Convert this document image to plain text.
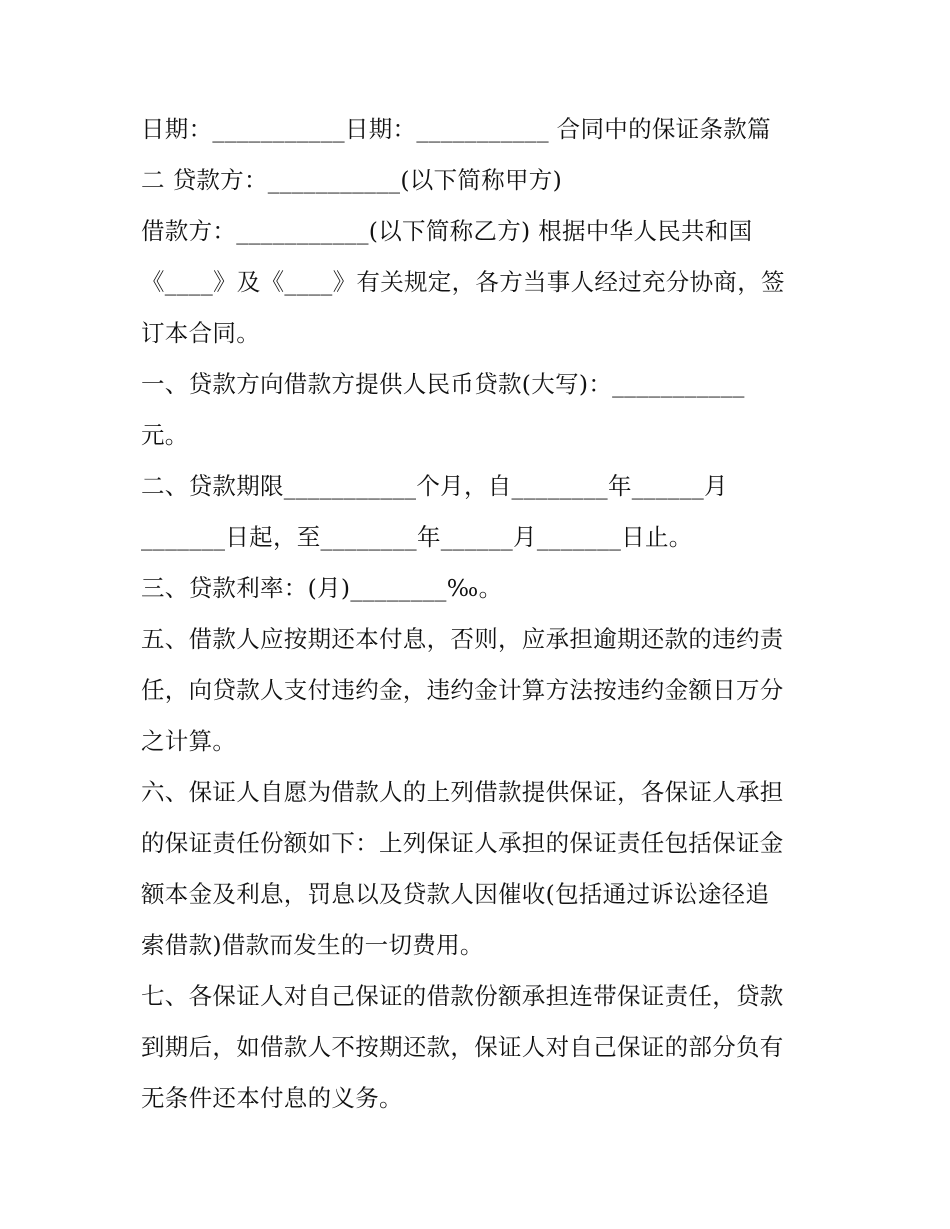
日期：___________日期：___________ 合同中的保证条款篇
二 贷款方：___________(以下简称甲方)
借款方：___________(以下简称乙方) 根据中华人民共和国
《____》及《____》有关规定，各方当事人经过充分协商，签
订本合同。
一、贷款方向借款方提供人民币贷款(大写)：___________
元。
二、贷款期限___________个月，自________年______月
_______日起，至________年______月_______日止。
三、贷款利率：(月)________‰。
五、借款人应按期还本付息，否则，应承担逾期还款的违约责
任，向贷款人支付违约金，违约金计算方法按违约金额日万分
之计算。
六、保证人自愿为借款人的上列借款提供保证，各保证人承担
的保证责任份额如下：上列保证人承担的保证责任包括保证金
额本金及利息，罚息以及贷款人因催收(包括通过诉讼途径追
索借款)借款而发生的一切费用。
七、各保证人对自己保证的借款份额承担连带保证责任，贷款
到期后，如借款人不按期还款，保证人对自己保证的部分负有
无条件还本付息的义务。
